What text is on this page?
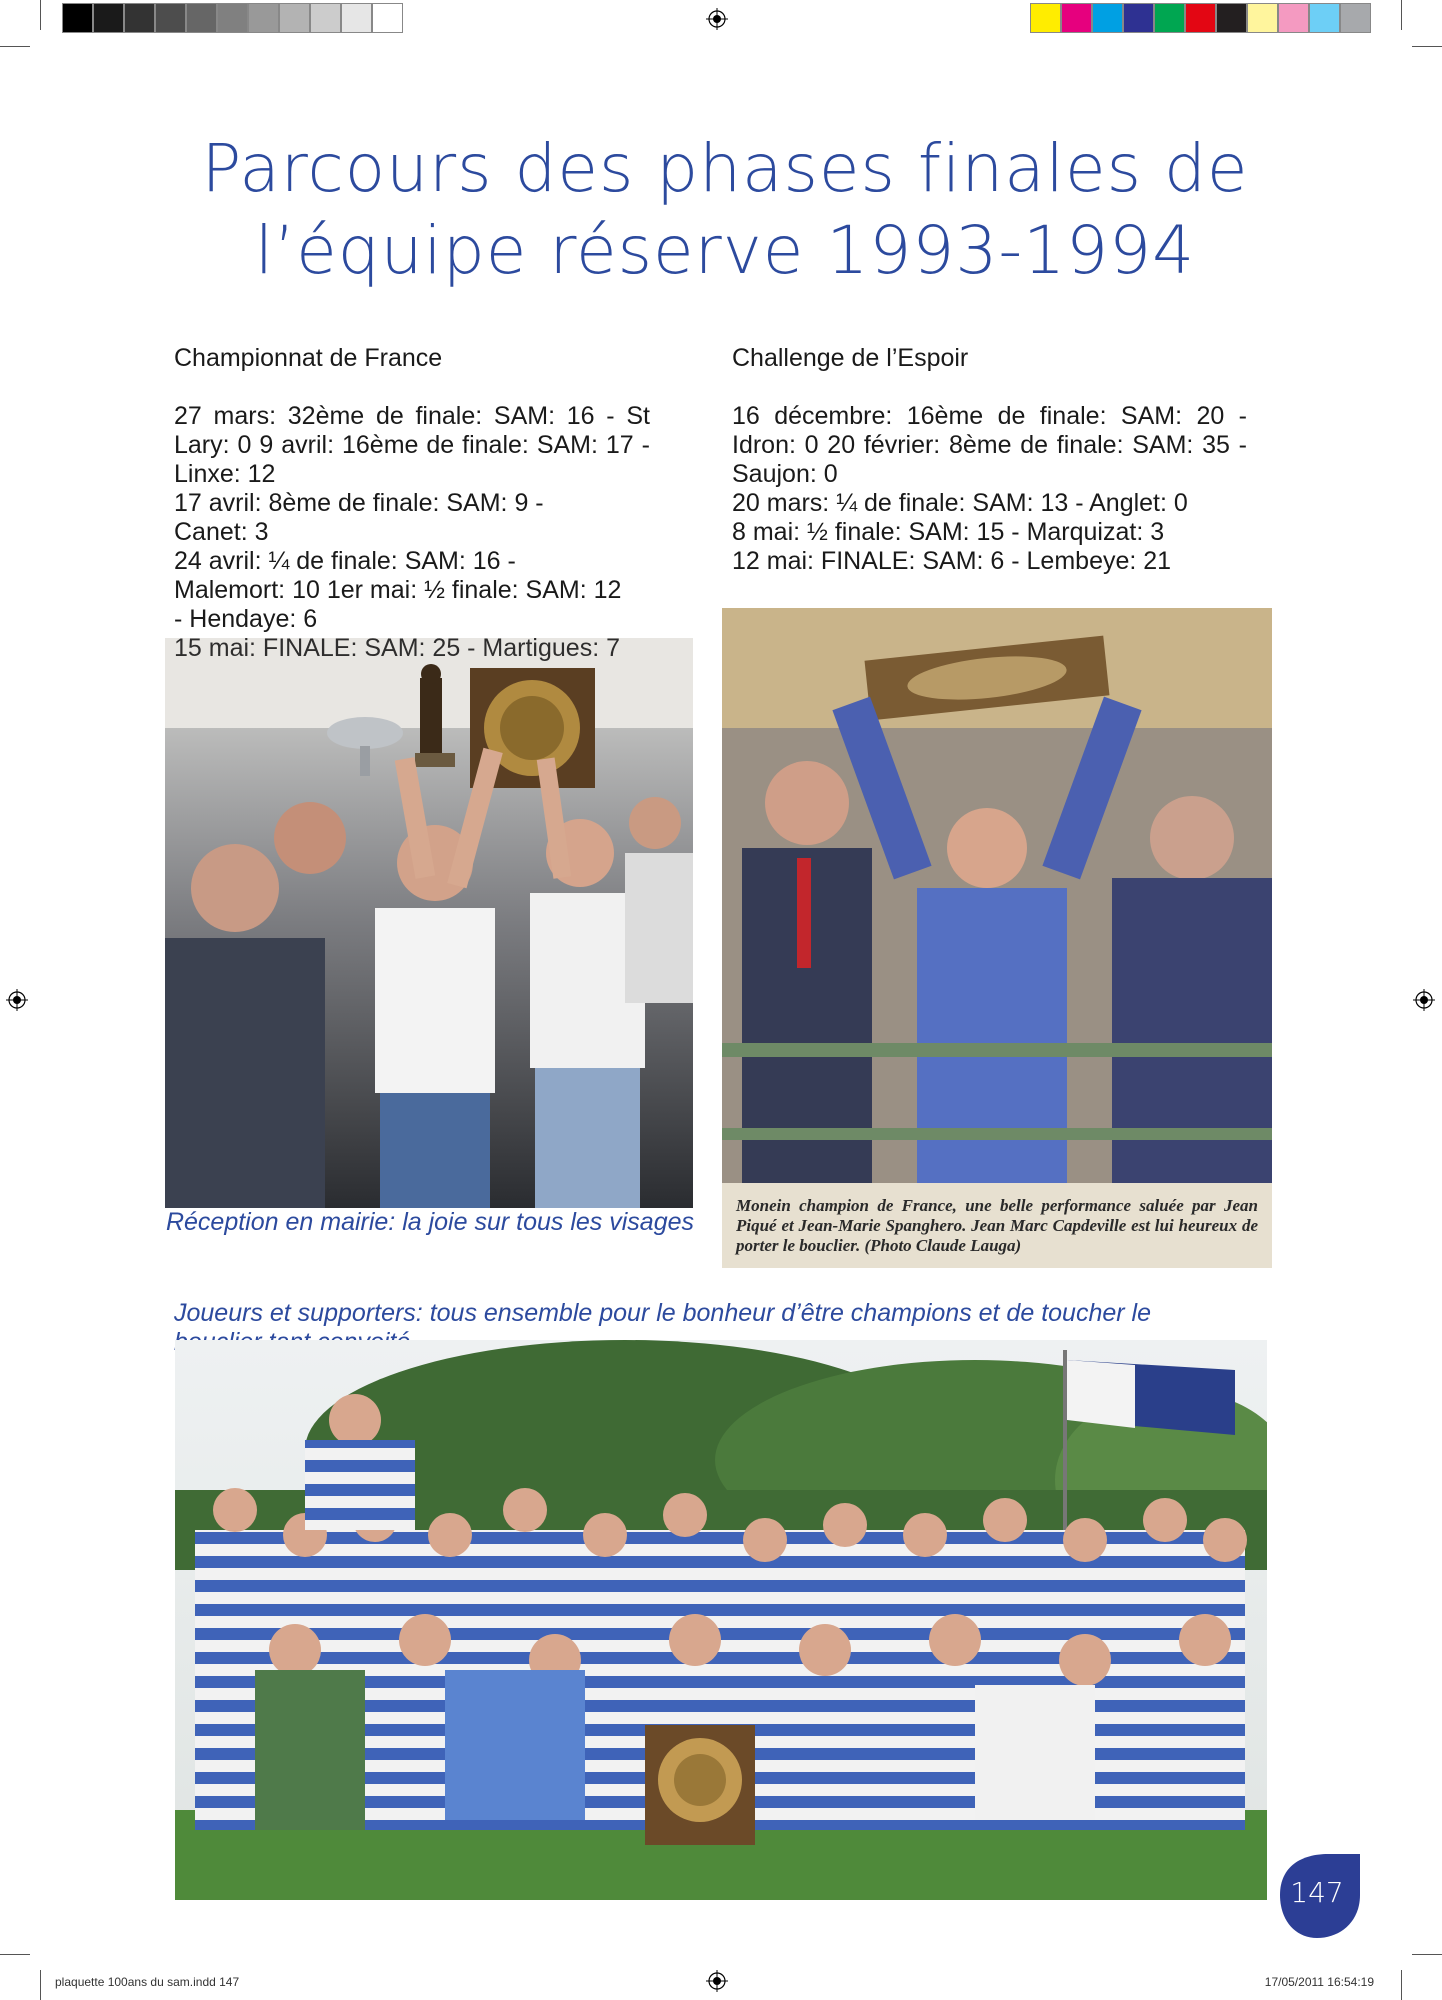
Parcours des phases finales de
l’équipe réserve 1993-1994
Championnat de France
27 mars: 32ème de finale: SAM: 16 - St Lary: 0 9 avril: 16ème de finale: SAM: 17 - Linxe: 12
17 avril: 8ème de finale: SAM: 9 - Canet: 3
24 avril: ¼ de finale: SAM: 16 - Malemort: 10 1er mai: ½ finale: SAM: 12 - Hendaye: 6
15 mai: FINALE: SAM: 25 - Martigues: 7
Challenge de l’Espoir
16 décembre: 16ème de finale: SAM: 20 - Idron: 0 20 février: 8ème de finale: SAM: 35 - Saujon: 0
20 mars: ¼ de finale: SAM: 13 - Anglet: 0
8 mai: ½ finale: SAM: 15 - Marquizat: 3
12 mai: FINALE: SAM: 6 - Lembeye: 21
Monein champion de France, une belle performance saluée par Jean Piqué et Jean-Marie Spanghero. Jean Marc Capdeville est lui heureux de porter le bouclier. (Photo Claude Lauga)
Réception en mairie: la joie sur tous les visages
Joueurs et supporters: tous ensemble pour le bonheur d’être champions et de toucher le
147
plaquette 100ans du sam.indd 147	17/05/2011 16:54:19
